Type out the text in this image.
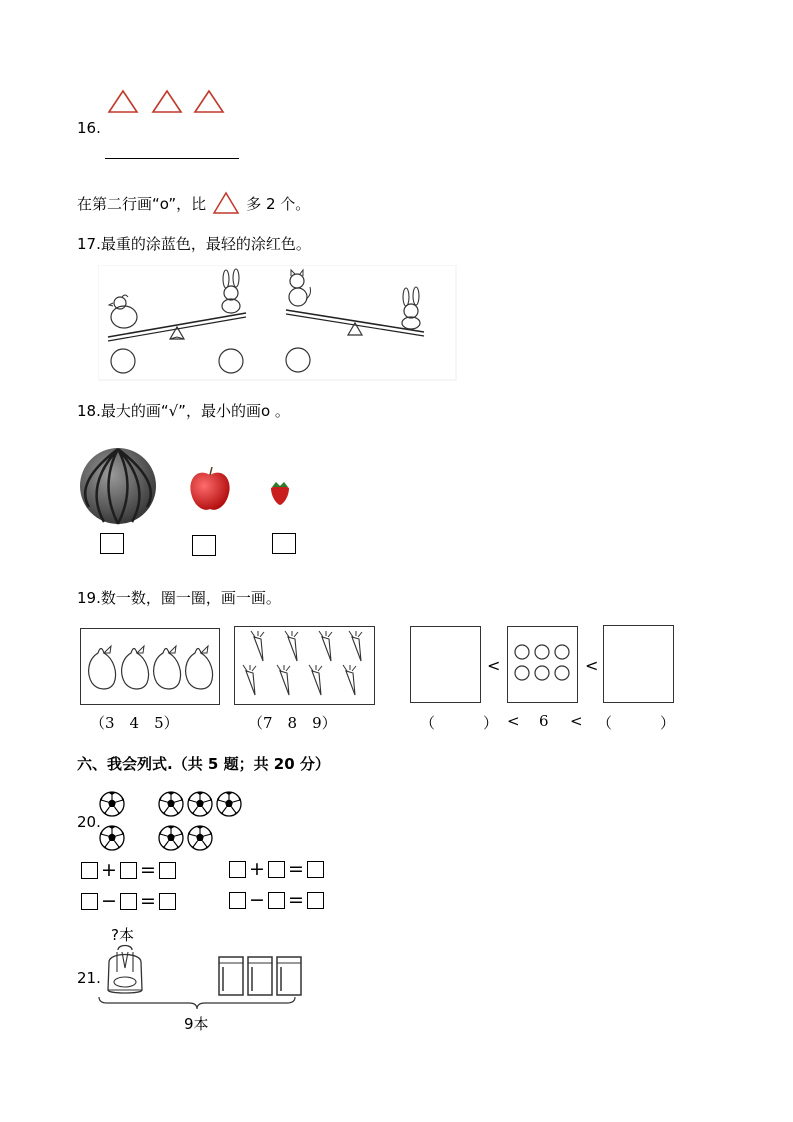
16.
在第二行画“o”，比	多 2 个。
17.最重的涂蓝色，最轻的涂红色。
18.最大的画“√”，最小的画o 。
19.数一数，圈一圈，画一画。
（3　4　5）	（7　8　9）
<	<
（	） < 6 < （	）
六、我会列式.（共 5 题；共 20 分）
20.
+ =	+ =
− =	− =
?本
21.
9本
